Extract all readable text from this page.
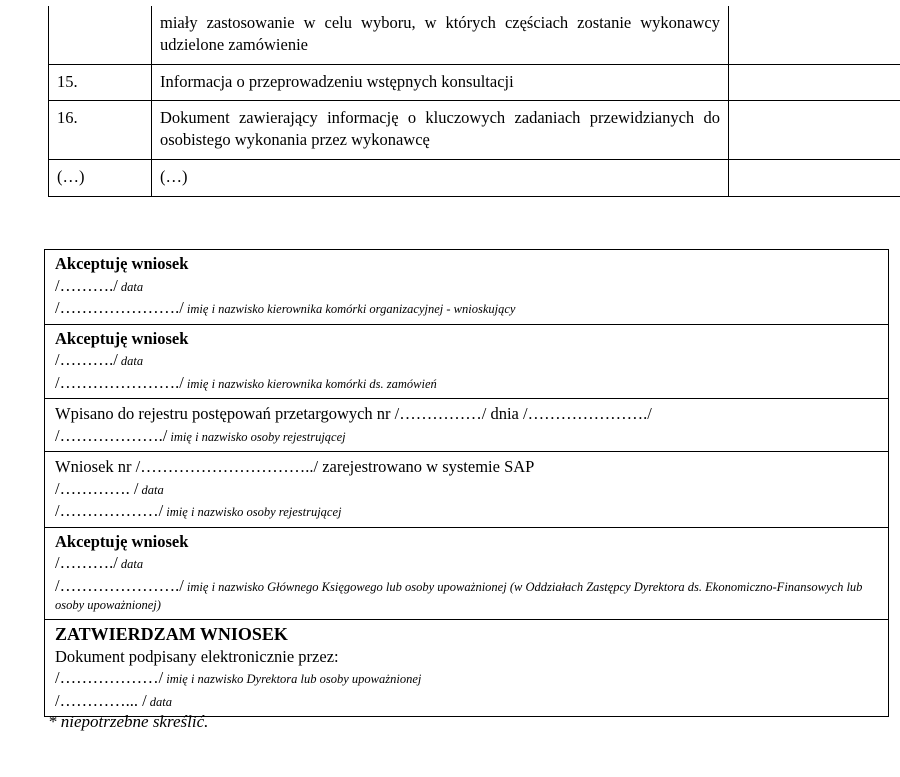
	miały zastosowanie w celu wyboru, w których częściach zostanie wykonawcy udzielone zamówienie	
15.	Informacja o przeprowadzeniu wstępnych konsultacji	
16.	Dokument zawierający informację o kluczowych zadaniach przewidzianych do osobistego wykonania przez wykonawcę	
(…)	(…)	
Akceptuję wniosek
/………./ data
/…………………./ imię i nazwisko kierownika komórki organizacyjnej - wnioskujący

Akceptuję wniosek
/………./ data
/…………………./ imię i nazwisko kierownika komórki ds. zamówień

Wpisano do rejestru postępowań przetargowych nr /……………/ dnia /…………………./
/………………./ imię i nazwisko osoby rejestrującej

Wniosek nr /…………………………../ zarejestrowano w systemie SAP
/…………. / data
/………………/ imię i nazwisko osoby rejestrującej

Akceptuję wniosek
/………./ data
/…………………./ imię i nazwisko Głównego Księgowego lub osoby upoważnionej (w Oddziałach Zastępcy Dyrektora ds. Ekonomiczno-Finansowych lub osoby upoważnionej)

ZATWIERDZAM WNIOSEK
Dokument podpisany elektronicznie przez:
/………………/ imię i nazwisko Dyrektora lub osoby upoważnionej
/…………... / data
* niepotrzebne skreślić.
